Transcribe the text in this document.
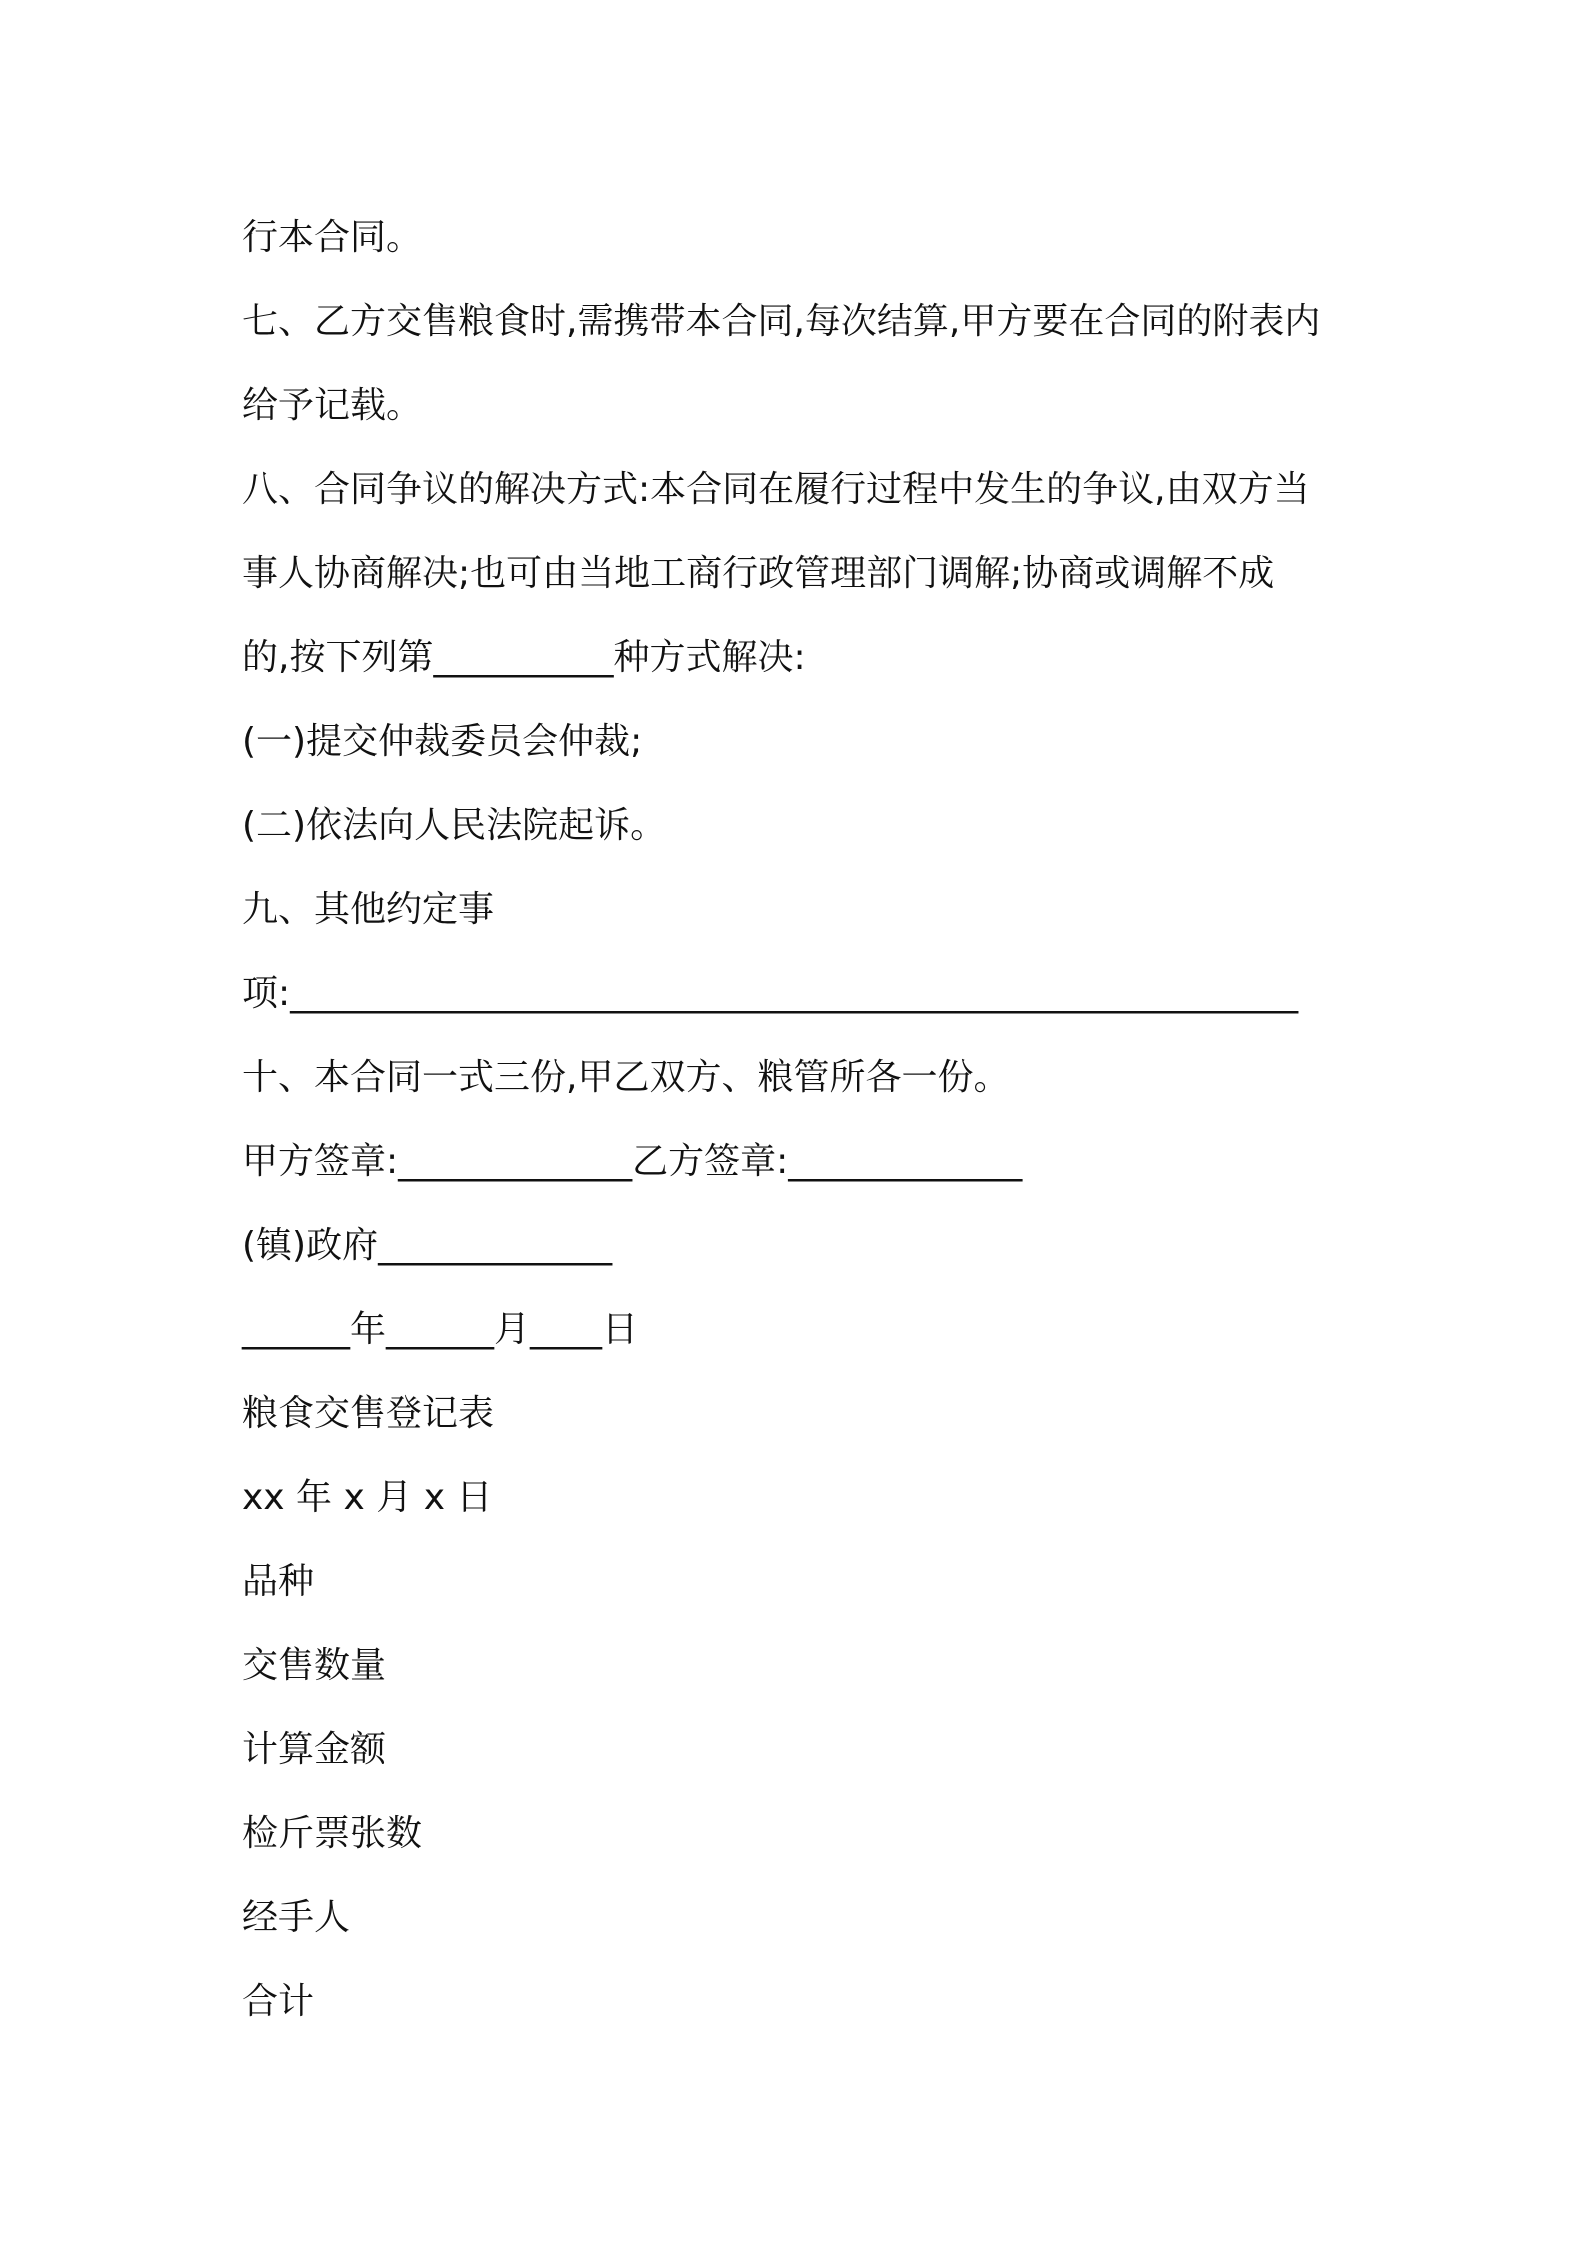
行本合同。
七、乙方交售粮食时,需携带本合同,每次结算,甲方要在合同的附表内
给予记载。
八、合同争议的解决方式:本合同在履行过程中发生的争议,由双方当
事人协商解决;也可由当地工商行政管理部门调解;协商或调解不成
的,按下列第__________种方式解决:
(一)提交仲裁委员会仲裁;
(二)依法向人民法院起诉。
九、其他约定事
项:________________________________________________________
十、本合同一式三份,甲乙双方、粮管所各一份。
甲方签章:_____________乙方签章:_____________
(镇)政府_____________
______年______月____日
粮食交售登记表
xx 年 x 月 x 日
品种
交售数量
计算金额
检斤票张数
经手人
合计
